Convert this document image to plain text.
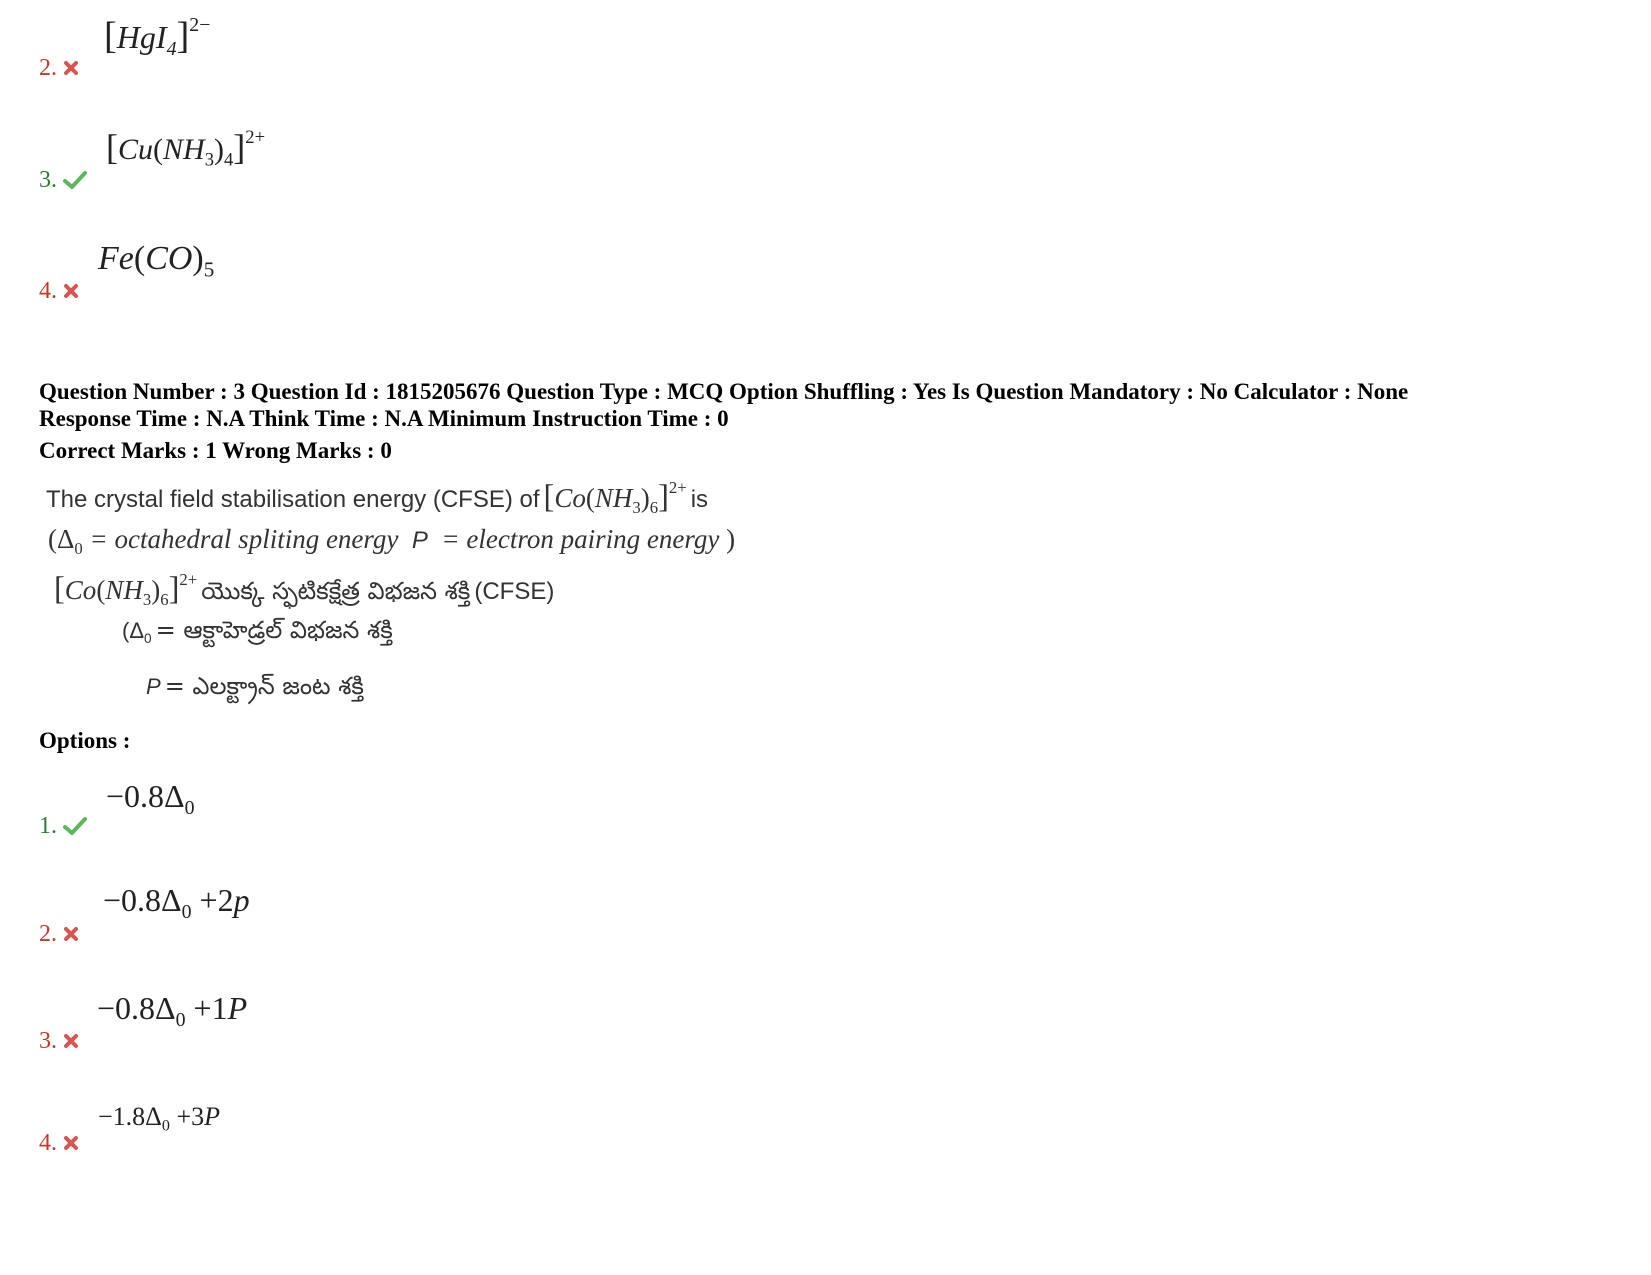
$[HgI_4]^{2-}$
2.
$[Cu(NH_3)_4]^{2+}$
3.
$Fe(CO)_5$
4.
Question Number : 3 Question Id : 1815205676 Question Type : MCQ Option Shuffling : Yes Is Question Mandatory : No Calculator : None
Response Time : N.A Think Time : N.A Minimum Instruction Time : 0
Correct Marks : 1 Wrong Marks : 0
The crystal field stabilisation energy (CFSE) of $[Co(NH_3)_6]^{2+}$ is
($\Delta_0$ = octahedral spliting energy P = electron pairing energy )
$[Co(NH_3)_6]^{2+}$ యొక్క స్ఫటికక్షేత్ర విభజన శక్తి (CFSE)
($\Delta_0$ = ఆక్టాహెడ్రల్ విభజన శక్తి
P = ఎలక్ట్రాన్ జంట శక్తి
Options :
$-0.8\Delta_0$
1.
$-0.8\Delta_0 +2p$
2.
$-0.8\Delta_0 +1P$
3.
$-1.8\Delta_0 +3P$
4.
